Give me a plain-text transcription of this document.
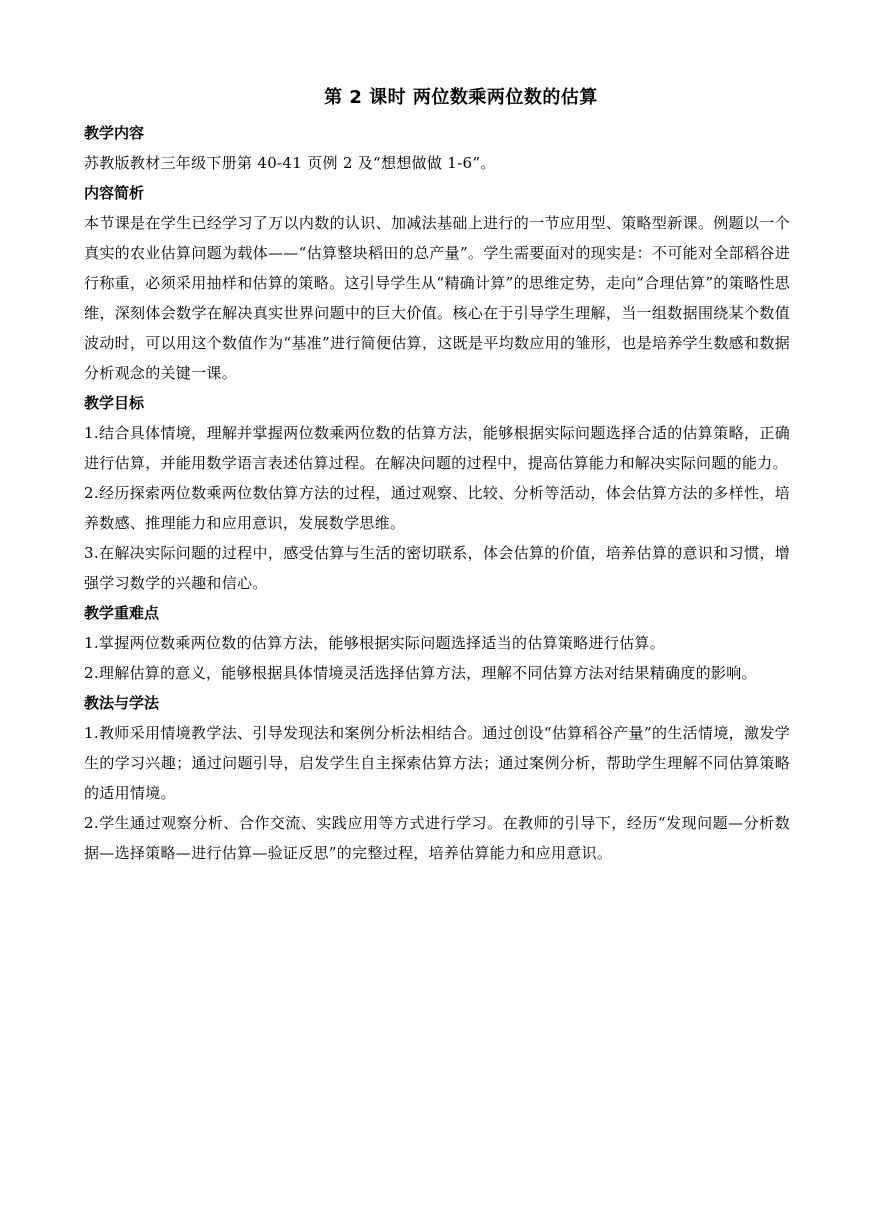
第 2 课时 两位数乘两位数的估算
教学内容

苏教版教材三年级下册第 40-41 页例 2 及“想想做做 1-6”。

内容简析

本节课是在学生已经学习了万以内数的认识、加减法基础上进行的一节应用型、策略型新课。例题以一个真实的农业估算问题为载体——“估算整块稻田的总产量”。学生需要面对的现实是：不可能对全部稻谷进行称重，必须采用抽样和估算的策略。这引导学生从“精确计算”的思维定势，走向“合理估算”的策略性思维，深刻体会数学在解决真实世界问题中的巨大价值。核心在于引导学生理解，当一组数据围绕某个数值波动时，可以用这个数值作为“基准”进行简便估算，这既是平均数应用的雏形，也是培养学生数感和数据分析观念的关键一课。

教学目标

1.结合具体情境，理解并掌握两位数乘两位数的估算方法，能够根据实际问题选择合适的估算策略，正确进行估算，并能用数学语言表述估算过程。在解决问题的过程中，提高估算能力和解决实际问题的能力。

2.经历探索两位数乘两位数估算方法的过程，通过观察、比较、分析等活动，体会估算方法的多样性，培养数感、推理能力和应用意识，发展数学思维。

3.在解决实际问题的过程中，感受估算与生活的密切联系，体会估算的价值，培养估算的意识和习惯，增强学习数学的兴趣和信心。

教学重难点

1.掌握两位数乘两位数的估算方法，能够根据实际问题选择适当的估算策略进行估算。

2.理解估算的意义，能够根据具体情境灵活选择估算方法，理解不同估算方法对结果精确度的影响。

教法与学法

1.教师采用情境教学法、引导发现法和案例分析法相结合。通过创设“估算稻谷产量”的生活情境，激发学生的学习兴趣；通过问题引导，启发学生自主探索估算方法；通过案例分析，帮助学生理解不同估算策略的适用情境。

2.学生通过观察分析、合作交流、实践应用等方式进行学习。在教师的引导下，经历“发现问题—分析数据—选择策略—进行估算—验证反思”的完整过程，培养估算能力和应用意识。
